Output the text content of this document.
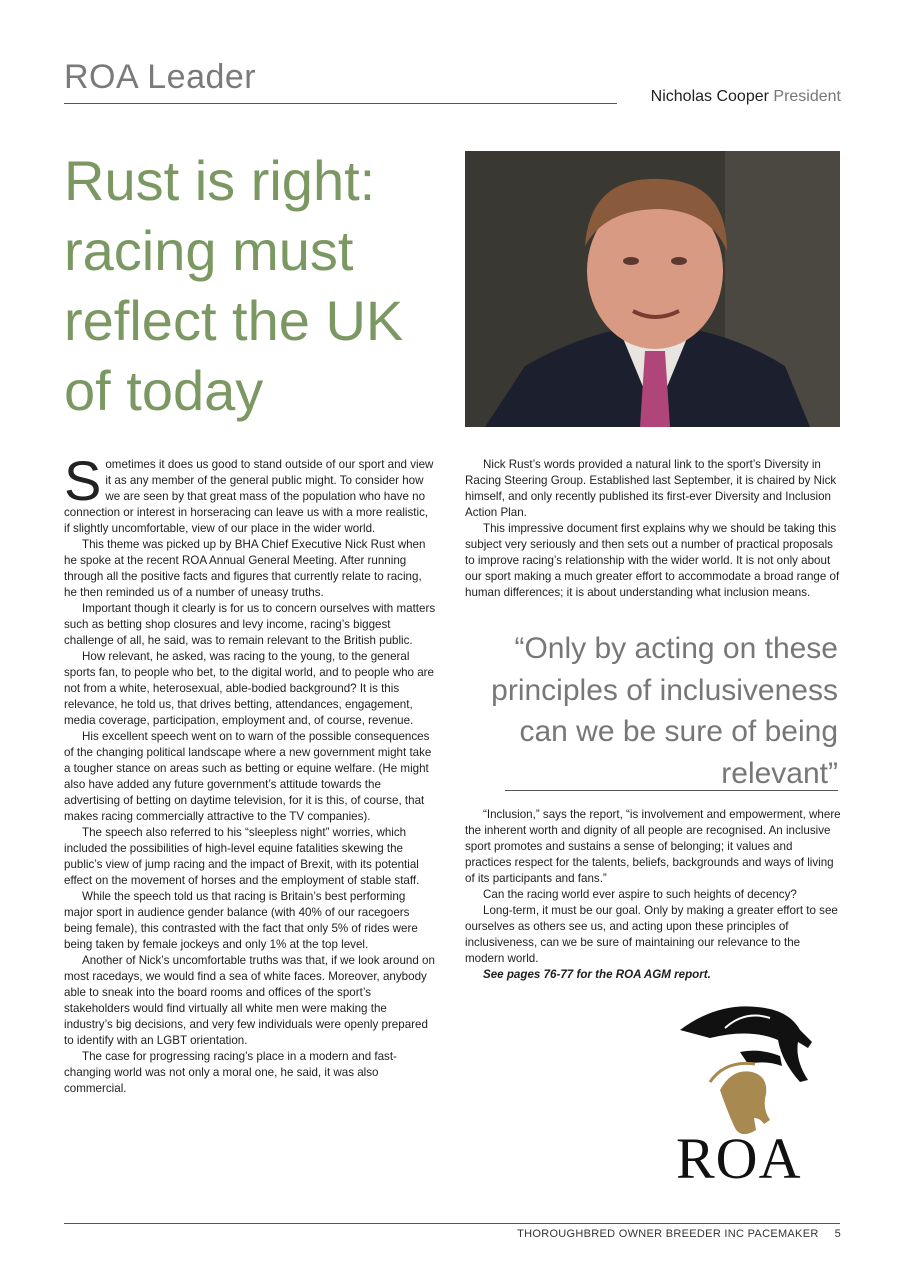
ROA Leader
Nicholas Cooper President
Rust is right: racing must reflect the UK of today

Sometimes it does us good to stand outside of our sport and view it as any member of the general public might. To consider how we are seen by that great mass of the population who have no connection or interest in horseracing can leave us with a more realistic, if slightly uncomfortable, view of our place in the wider world.

This theme was picked up by BHA Chief Executive Nick Rust when he spoke at the recent ROA Annual General Meeting. After running through all the positive facts and figures that currently relate to racing, he then reminded us of a number of uneasy truths.

Important though it clearly is for us to concern ourselves with matters such as betting shop closures and levy income, racing’s biggest challenge of all, he said, was to remain relevant to the British public.

How relevant, he asked, was racing to the young, to the general sports fan, to people who bet, to the digital world, and to people who are not from a white, heterosexual, able-bodied background? It is this relevance, he told us, that drives betting, attendances, engagement, media coverage, participation, employment and, of course, revenue.

His excellent speech went on to warn of the possible consequences of the changing political landscape where a new government might take a tougher stance on areas such as betting or equine welfare. (He might also have added any future government’s attitude towards the advertising of betting on daytime television, for it is this, of course, that makes racing commercially attractive to the TV companies).

The speech also referred to his “sleepless night” worries, which included the possibilities of high-level equine fatalities skewing the public’s view of jump racing and the impact of Brexit, with its potential effect on the movement of horses and the employment of stable staff.

While the speech told us that racing is Britain’s best performing major sport in audience gender balance (with 40% of our racegoers being female), this contrasted with the fact that only 5% of rides were being taken by female jockeys and only 1% at the top level.

Another of Nick’s uncomfortable truths was that, if we look around on most racedays, we would find a sea of white faces. Moreover, anybody able to sneak into the board rooms and offices of the sport’s stakeholders would find virtually all white men were making the industry’s big decisions, and very few individuals were openly prepared to identify with an LGBT orientation.

The case for progressing racing’s place in a modern and fast-changing world was not only a moral one, he said, it was also commercial.

Nick Rust’s words provided a natural link to the sport’s Diversity in Racing Steering Group. Established last September, it is chaired by Nick himself, and only recently published its first-ever Diversity and Inclusion Action Plan.

This impressive document first explains why we should be taking this subject very seriously and then sets out a number of practical proposals to improve racing’s relationship with the wider world. It is not only about our sport making a much greater effort to accommodate a broad range of human differences; it is about understanding what inclusion means.

“Only by acting on these principles of inclusiveness can we be sure of being relevant”

“Inclusion,” says the report, “is involvement and empowerment, where the inherent worth and dignity of all people are recognised. An inclusive sport promotes and sustains a sense of belonging; it values and practices respect for the talents, beliefs, backgrounds and ways of living of its participants and fans.”

Can the racing world ever aspire to such heights of decency?

Long-term, it must be our goal. Only by making a greater effort to see ourselves as others see us, and acting upon these principles of inclusiveness, can we be sure of maintaining our relevance to the modern world.

See pages 76-77 for the ROA AGM report.

ROA
THOROUGHBRED OWNER BREEDER INC PACEMAKER 5
